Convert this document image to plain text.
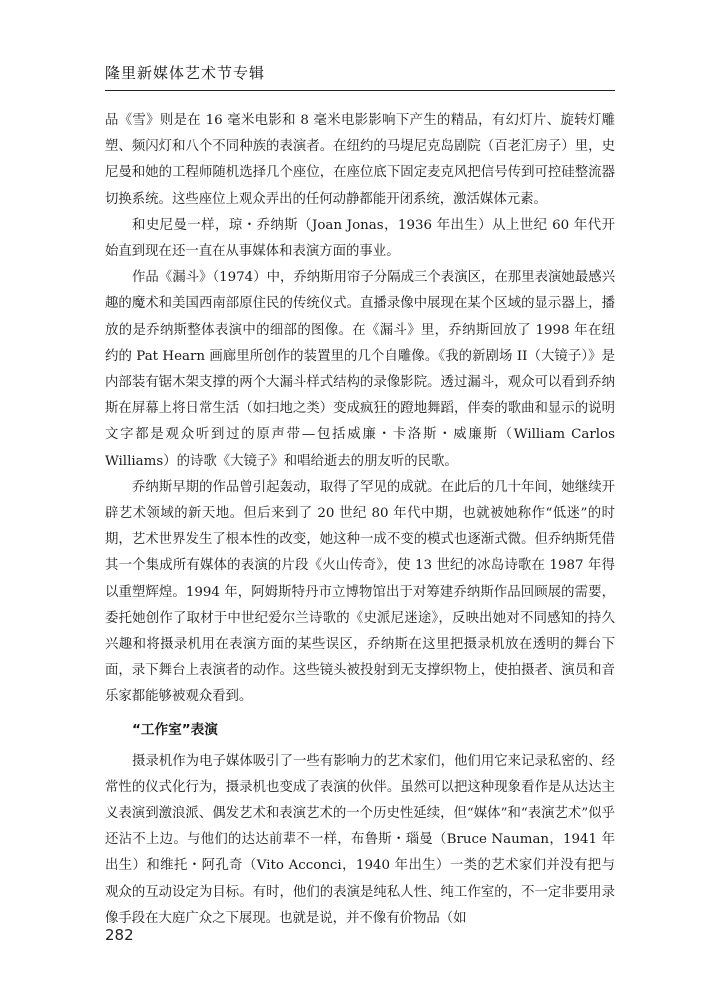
隆里新媒体艺术节专辑

品《雪》则是在 16 毫米电影和 8 毫米电影影响下产生的精品，有幻灯片、旋转灯雕塑、频闪灯和八个不同种族的表演者。在纽约的马堤尼克岛剧院（百老汇房子）里，史尼曼和她的工程师随机选择几个座位，在座位底下固定麦克风把信号传到可控硅整流器切换系统。这些座位上观众弄出的任何动静都能开闭系统，激活媒体元素。

和史尼曼一样，琼・乔纳斯（Joan Jonas，1936 年出生）从上世纪 60 年代开始直到现在还一直在从事媒体和表演方面的事业。

作品《漏斗》（1974）中，乔纳斯用帘子分隔成三个表演区，在那里表演她最感兴趣的魔术和美国西南部原住民的传统仪式。直播录像中展现在某个区域的显示器上，播放的是乔纳斯整体表演中的细部的图像。在《漏斗》里，乔纳斯回放了 1998 年在纽约的 Pat Hearn 画廊里所创作的装置里的几个自雕像。《我的新剧场 II（大镜子）》是内部装有锯木架支撑的两个大漏斗样式结构的录像影院。透过漏斗，观众可以看到乔纳斯在屏幕上将日常生活（如扫地之类）变成疯狂的蹬地舞蹈，伴奏的歌曲和显示的说明文字都是观众听到过的原声带—包括威廉・卡洛斯・威廉斯（William Carlos Williams）的诗歌《大镜子》和唱给逝去的朋友听的民歌。

乔纳斯早期的作品曾引起轰动，取得了罕见的成就。在此后的几十年间，她继续开辟艺术领域的新天地。但后来到了 20 世纪 80 年代中期，也就被她称作“低迷”的时期，艺术世界发生了根本性的改变，她这种一成不变的模式也逐渐式微。但乔纳斯凭借其一个集成所有媒体的表演的片段《火山传奇》，使 13 世纪的冰岛诗歌在 1987 年得以重塑辉煌。1994 年，阿姆斯特丹市立博物馆出于对筹建乔纳斯作品回顾展的需要，委托她创作了取材于中世纪爱尔兰诗歌的《史派尼迷途》，反映出她对不同感知的持久兴趣和将摄录机用在表演方面的某些误区，乔纳斯在这里把摄录机放在透明的舞台下面，录下舞台上表演者的动作。这些镜头被投射到无支撑织物上，使拍摄者、演员和音乐家都能够被观众看到。

“工作室”表演

摄录机作为电子媒体吸引了一些有影响力的艺术家们，他们用它来记录私密的、经常性的仪式化行为，摄录机也变成了表演的伙伴。虽然可以把这种现象看作是从达达主义表演到激浪派、偶发艺术和表演艺术的一个历史性延续，但“媒体”和“表演艺术”似乎还沾不上边。与他们的达达前辈不一样，布鲁斯・瑙曼（Bruce Nauman，1941 年出生）和维托・阿孔奇（Vito Acconci，1940 年出生）一类的艺术家们并没有把与观众的互动设定为目标。有时，他们的表演是纯私人性、纯工作室的，不一定非要用录像手段在大庭广众之下展现。也就是说，并不像有价物品（如

282
